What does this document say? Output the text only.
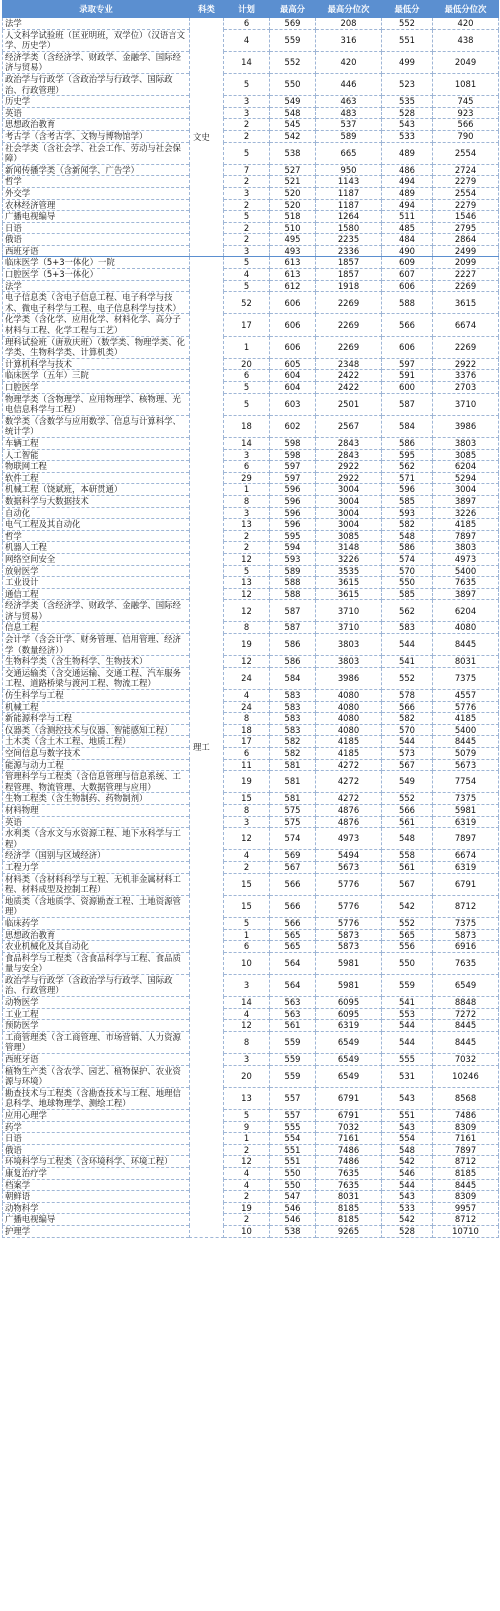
录取专业	科类	计划	最高分	最高分位次	最低分	最低分位次
法学	文史	6	569	208	552	420
人文科学试验班（匡亚明班，双学位）（汉语言文学、历史学）		4	559	316	551	438
经济学类（含经济学、财政学、金融学、国际经济与贸易）		14	552	420	499	2049
政治学与行政学（含政治学与行政学、国际政治、行政管理）		5	550	446	523	1081
历史学		3	549	463	535	745
英语		3	548	483	528	923
思想政治教育		2	545	537	543	566
考古学（含考古学、文物与博物馆学）		2	542	589	533	790
社会学类（含社会学、社会工作、劳动与社会保障）		5	538	665	489	2554
新闻传播学类（含新闻学、广告学）		7	527	950	486	2724
哲学		2	521	1143	494	2279
外交学		3	520	1187	489	2554
农林经济管理		2	520	1187	494	2279
广播电视编导		5	518	1264	511	1546
日语		2	510	1580	485	2795
俄语		2	495	2235	484	2864
西班牙语		3	493	2336	490	2499
临床医学（5+3一体化）一院	理工	5	613	1857	609	2099
口腔医学（5+3一体化）		4	613	1857	607	2227
法学		5	612	1918	606	2269
电子信息类（含电子信息工程、电子科学与技术、微电子科学与工程、电子信息科学与技术）		52	606	2269	588	3615
化学类（含化学、应用化学、材料化学、高分子材料与工程、化学工程与工艺）		17	606	2269	566	6674
理科试验班（唐敖庆班）（数学类、物理学类、化学类、生物科学类、计算机类）		1	606	2269	606	2269
计算机科学与技术		20	605	2348	597	2922
临床医学（五年）三院		6	604	2422	591	3376
口腔医学		5	604	2422	600	2703
物理学类（含物理学、应用物理学、核物理、光电信息科学与工程）		5	603	2501	587	3710
数学类（含数学与应用数学、信息与计算科学、统计学）		18	602	2567	584	3986
车辆工程		14	598	2843	586	3803
人工智能		3	598	2843	595	3085
物联网工程		6	597	2922	562	6204
软件工程		29	597	2922	571	5294
机械工程（饶斌班，本研贯通）		1	596	3004	596	3004
数据科学与大数据技术		8	596	3004	585	3897
自动化		3	596	3004	593	3226
电气工程及其自动化		13	596	3004	582	4185
哲学		2	595	3085	548	7897
机器人工程		2	594	3148	586	3803
网络空间安全		12	593	3226	574	4973
放射医学		5	589	3535	570	5400
工业设计		13	588	3615	550	7635
通信工程		12	588	3615	585	3897
经济学类（含经济学、财政学、金融学、国际经济与贸易）		12	587	3710	562	6204
信息工程		8	587	3710	583	4080
会计学（含会计学、财务管理、信用管理、经济学（数量经济））		19	586	3803	544	8445
生物科学类（含生物科学、生物技术）		12	586	3803	541	8031
交通运输类（含交通运输、交通工程、汽车服务工程、道路桥梁与渡河工程、物流工程）		24	584	3986	552	7375
仿生科学与工程		4	583	4080	578	4557
机械工程		24	583	4080	566	5776
新能源科学与工程		8	583	4080	582	4185
仪器类（含测控技术与仪器、智能感知工程）		18	583	4080	570	5400
土木类（含土木工程、地质工程）		17	582	4185	544	8445
空间信息与数字技术		6	582	4185	573	5079
能源与动力工程		11	581	4272	567	5673
管理科学与工程类（含信息管理与信息系统、工程管理、物流管理、大数据管理与应用）		19	581	4272	549	7754
生物工程类（含生物制药、药物制剂）		15	581	4272	552	7375
材料物理		8	575	4876	566	5981
英语		3	575	4876	561	6319
水利类（含水文与水资源工程、地下水科学与工程）		12	574	4973	548	7897
经济学（国别与区域经济）		4	569	5494	558	6674
工程力学		2	567	5673	561	6319
材料类（含材料科学与工程、无机非金属材料工程、材料成型及控制工程）		15	566	5776	567	6791
地质类（含地质学、资源勘查工程、土地资源管理）		15	566	5776	542	8712
临床药学		5	566	5776	552	7375
思想政治教育		1	565	5873	565	5873
农业机械化及其自动化		6	565	5873	556	6916
食品科学与工程类（含食品科学与工程、食品质量与安全）		10	564	5981	550	7635
政治学与行政学（含政治学与行政学、国际政治、行政管理）		3	564	5981	559	6549
动物医学		14	563	6095	541	8848
工业工程		4	563	6095	553	7272
预防医学		12	561	6319	544	8445
工商管理类（含工商管理、市场营销、人力资源管理）		8	559	6549	544	8445
西班牙语		3	559	6549	555	7032
植物生产类（含农学、园艺、植物保护、农业资源与环境）		20	559	6549	531	10246
勘查技术与工程类（含勘查技术与工程、地理信息科学、地球物理学、测绘工程）		13	557	6791	543	8568
应用心理学		5	557	6791	551	7486
药学		9	555	7032	543	8309
日语		1	554	7161	554	7161
俄语		2	551	7486	548	7897
环境科学与工程类（含环境科学、环境工程）		12	551	7486	542	8712
康复治疗学		4	550	7635	546	8185
档案学		4	550	7635	544	8445
朝鲜语		2	547	8031	543	8309
动物科学		19	546	8185	533	9957
广播电视编导		2	546	8185	542	8712
护理学		10	538	9265	528	10710
